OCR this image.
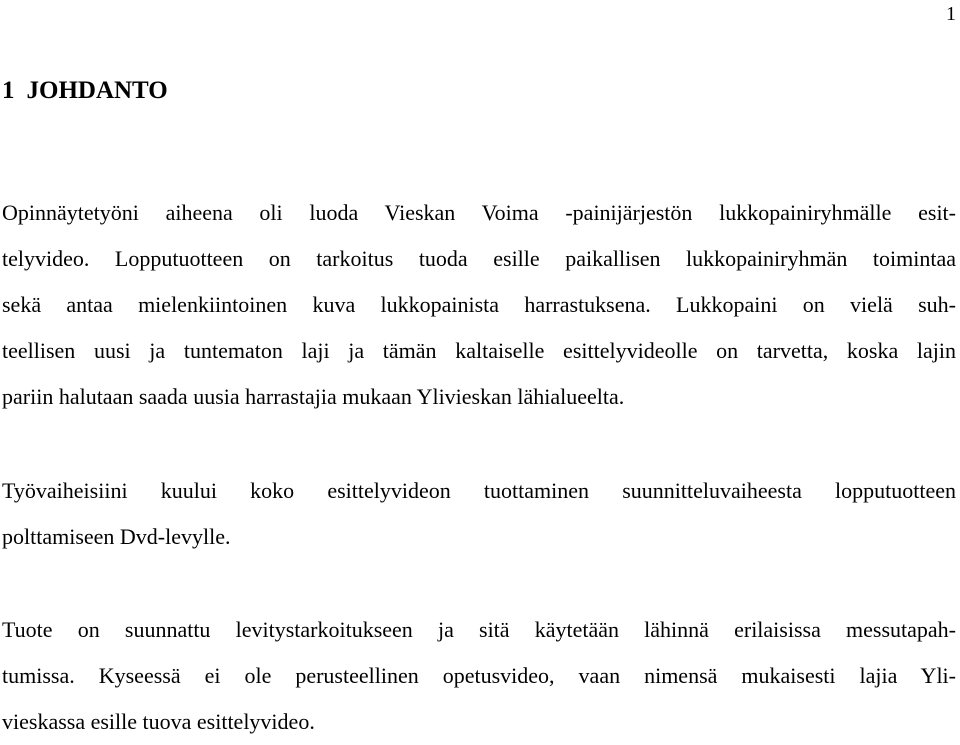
1
1 JOHDANTO
Opinnäytetyöni aiheena oli luoda Vieskan Voima -painijärjestön lukkopainiryhmälle esit-
telyvideo. Lopputuotteen on tarkoitus tuoda esille paikallisen lukkopainiryhmän toimintaa
sekä antaa mielenkiintoinen kuva lukkopainista harrastuksena. Lukkopaini on vielä suh-
teellisen uusi ja tuntematon laji ja tämän kaltaiselle esittelyvideolle on tarvetta, koska lajin
pariin halutaan saada uusia harrastajia mukaan Ylivieskan lähialueelta.
Työvaiheisiini kuului koko esittelyvideon tuottaminen suunnitteluvaiheesta lopputuotteen
polttamiseen Dvd-levylle.
Tuote on suunnattu levitystarkoitukseen ja sitä käytetään lähinnä erilaisissa messutapah-
tumissa. Kyseessä ei ole perusteellinen opetusvideo, vaan nimensä mukaisesti lajia Yli-
vieskassa esille tuova esittelyvideo.
